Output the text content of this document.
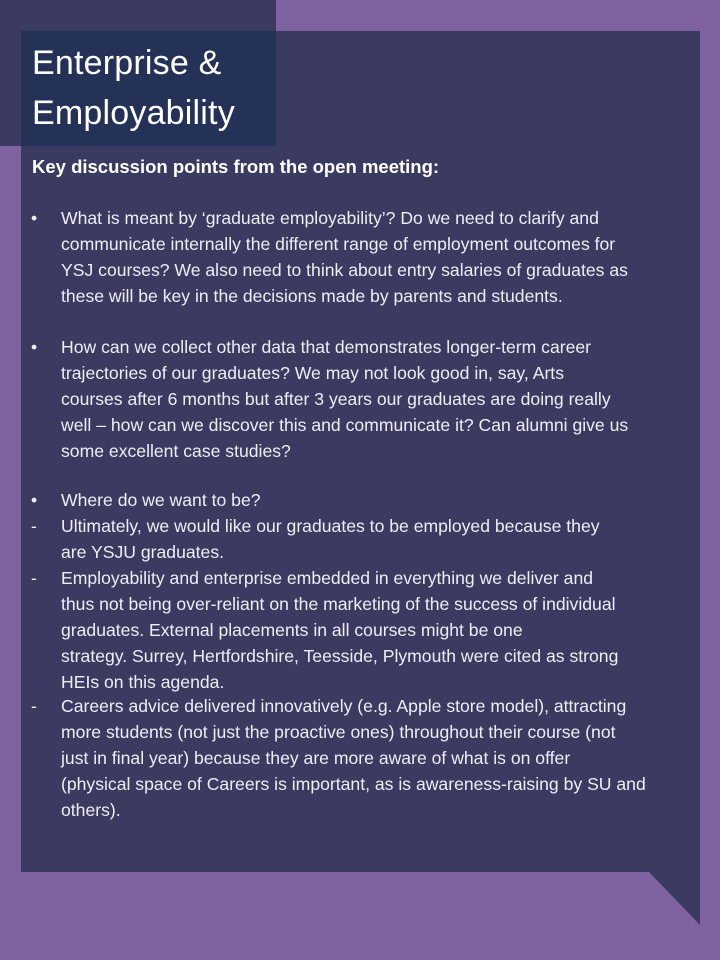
Enterprise &
Employability
Key discussion points from the open meeting:
• What is meant by ‘graduate employability’? Do we need to clarify and
communicate internally the different range of employment outcomes for
YSJ courses? We also need to think about entry salaries of graduates as
these will be key in the decisions made by parents and students.
• How can we collect other data that demonstrates longer-term career
trajectories of our graduates? We may not look good in, say, Arts
courses after 6 months but after 3 years our graduates are doing really
well – how can we discover this and communicate it? Can alumni give us
some excellent case studies?
• Where do we want to be?
- Ultimately, we would like our graduates to be employed because they
are YSJU graduates.
- Employability and enterprise embedded in everything we deliver and
thus not being over-reliant on the marketing of the success of individual
graduates. External placements in all courses might be one
strategy. Surrey, Hertfordshire, Teesside, Plymouth were cited as strong
HEIs on this agenda.
- Careers advice delivered innovatively (e.g. Apple store model), attracting
more students (not just the proactive ones) throughout their course (not
just in final year) because they are more aware of what is on offer
(physical space of Careers is important, as is awareness-raising by SU and
others).
